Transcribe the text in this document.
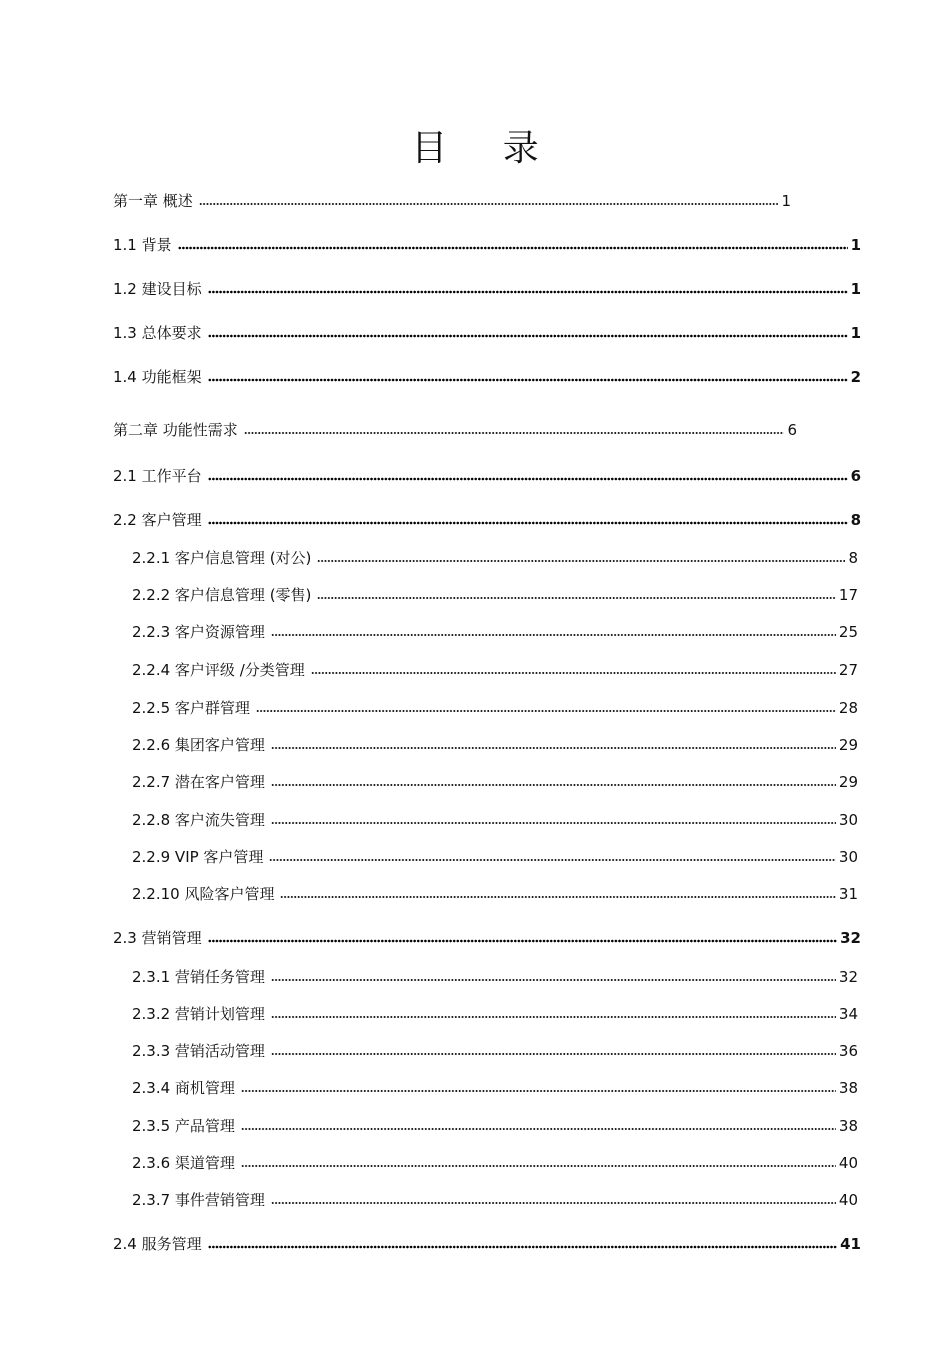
目 录
第一章 概述	1
1.1 背景	1
1.2 建设目标	1
1.3 总体要求	1
1.4 功能框架	2
第二章 功能性需求	6
2.1 工作平台	6
2.2 客户管理	8
2.2.1 客户信息管理 (对公)	8
2.2.2 客户信息管理 (零售)	17
2.2.3 客户资源管理	25
2.2.4 客户评级 /分类管理	27
2.2.5 客户群管理	28
2.2.6 集团客户管理	29
2.2.7 潜在客户管理	29
2.2.8 客户流失管理	30
2.2.9 VIP 客户管理	30
2.2.10 风险客户管理	31
2.3 营销管理	32
2.3.1 营销任务管理	32
2.3.2 营销计划管理	34
2.3.3 营销活动管理	36
2.3.4 商机管理	38
2.3.5 产品管理	38
2.3.6 渠道管理	40
2.3.7 事件营销管理	40
2.4 服务管理	41
